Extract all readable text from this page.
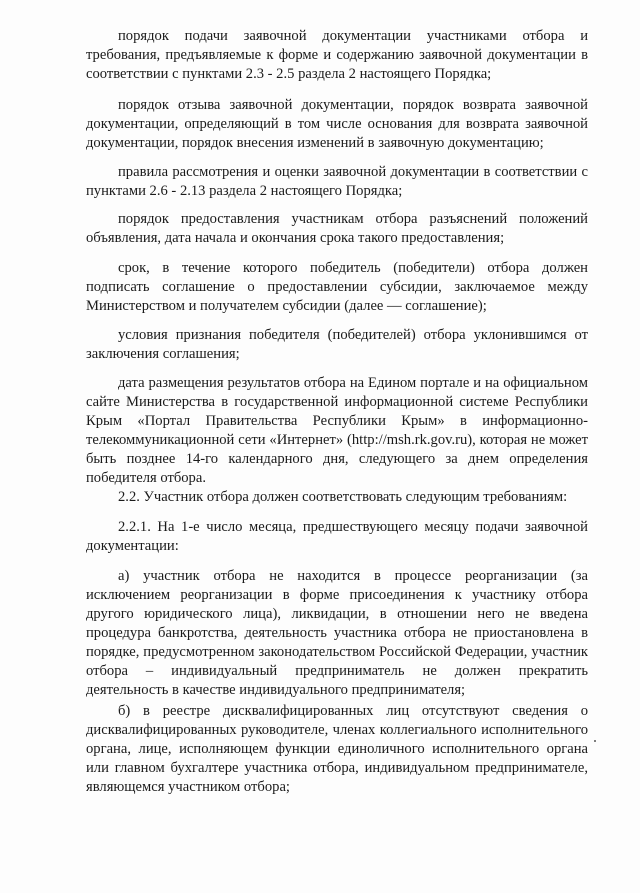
порядок подачи заявочной документации участниками отбора и требования, предъявляемые к форме и содержанию заявочной документации в соответствии с пунктами 2.3 - 2.5 раздела 2 настоящего Порядка;

порядок отзыва заявочной документации, порядок возврата заявочной документации, определяющий в том числе основания для возврата заявочной документации, порядок внесения изменений в заявочную документацию;

правила рассмотрения и оценки заявочной документации в соответствии с пунктами 2.6 - 2.13 раздела 2 настоящего Порядка;

порядок предоставления участникам отбора разъяснений положений объявления, дата начала и окончания срока такого предоставления;

срок, в течение которого победитель (победители) отбора должен подписать соглашение о предоставлении субсидии, заключаемое между Министерством и получателем субсидии (далее — соглашение);

условия признания победителя (победителей) отбора уклонившимся от заключения соглашения;

дата размещения результатов отбора на Едином портале и на официальном сайте Министерства в государственной информационной системе Республики Крым «Портал Правительства Республики Крым» в информационно-телекоммуникационной сети «Интернет» (http://msh.rk.gov.ru), которая не может быть позднее 14-го календарного дня, следующего за днем определения победителя отбора.

2.2. Участник отбора должен соответствовать следующим требованиям:

2.2.1. На 1-е число месяца, предшествующего месяцу подачи заявочной документации:

а) участник отбора не находится в процессе реорганизации (за исключением реорганизации в форме присоединения к участнику отбора другого юридического лица), ликвидации, в отношении него не введена процедура банкротства, деятельность участника отбора не приостановлена в порядке, предусмотренном законодательством Российской Федерации, участник отбора – индивидуальный предприниматель не должен прекратить деятельность в качестве индивидуального предпринимателя;

б) в реестре дисквалифицированных лиц отсутствуют сведения о дисквалифицированных руководителе, членах коллегиального исполнительного органа, лице, исполняющем функции единоличного исполнительного органа или главном бухгалтере участника отбора, индивидуальном предпринимателе, являющемся участником отбора;
